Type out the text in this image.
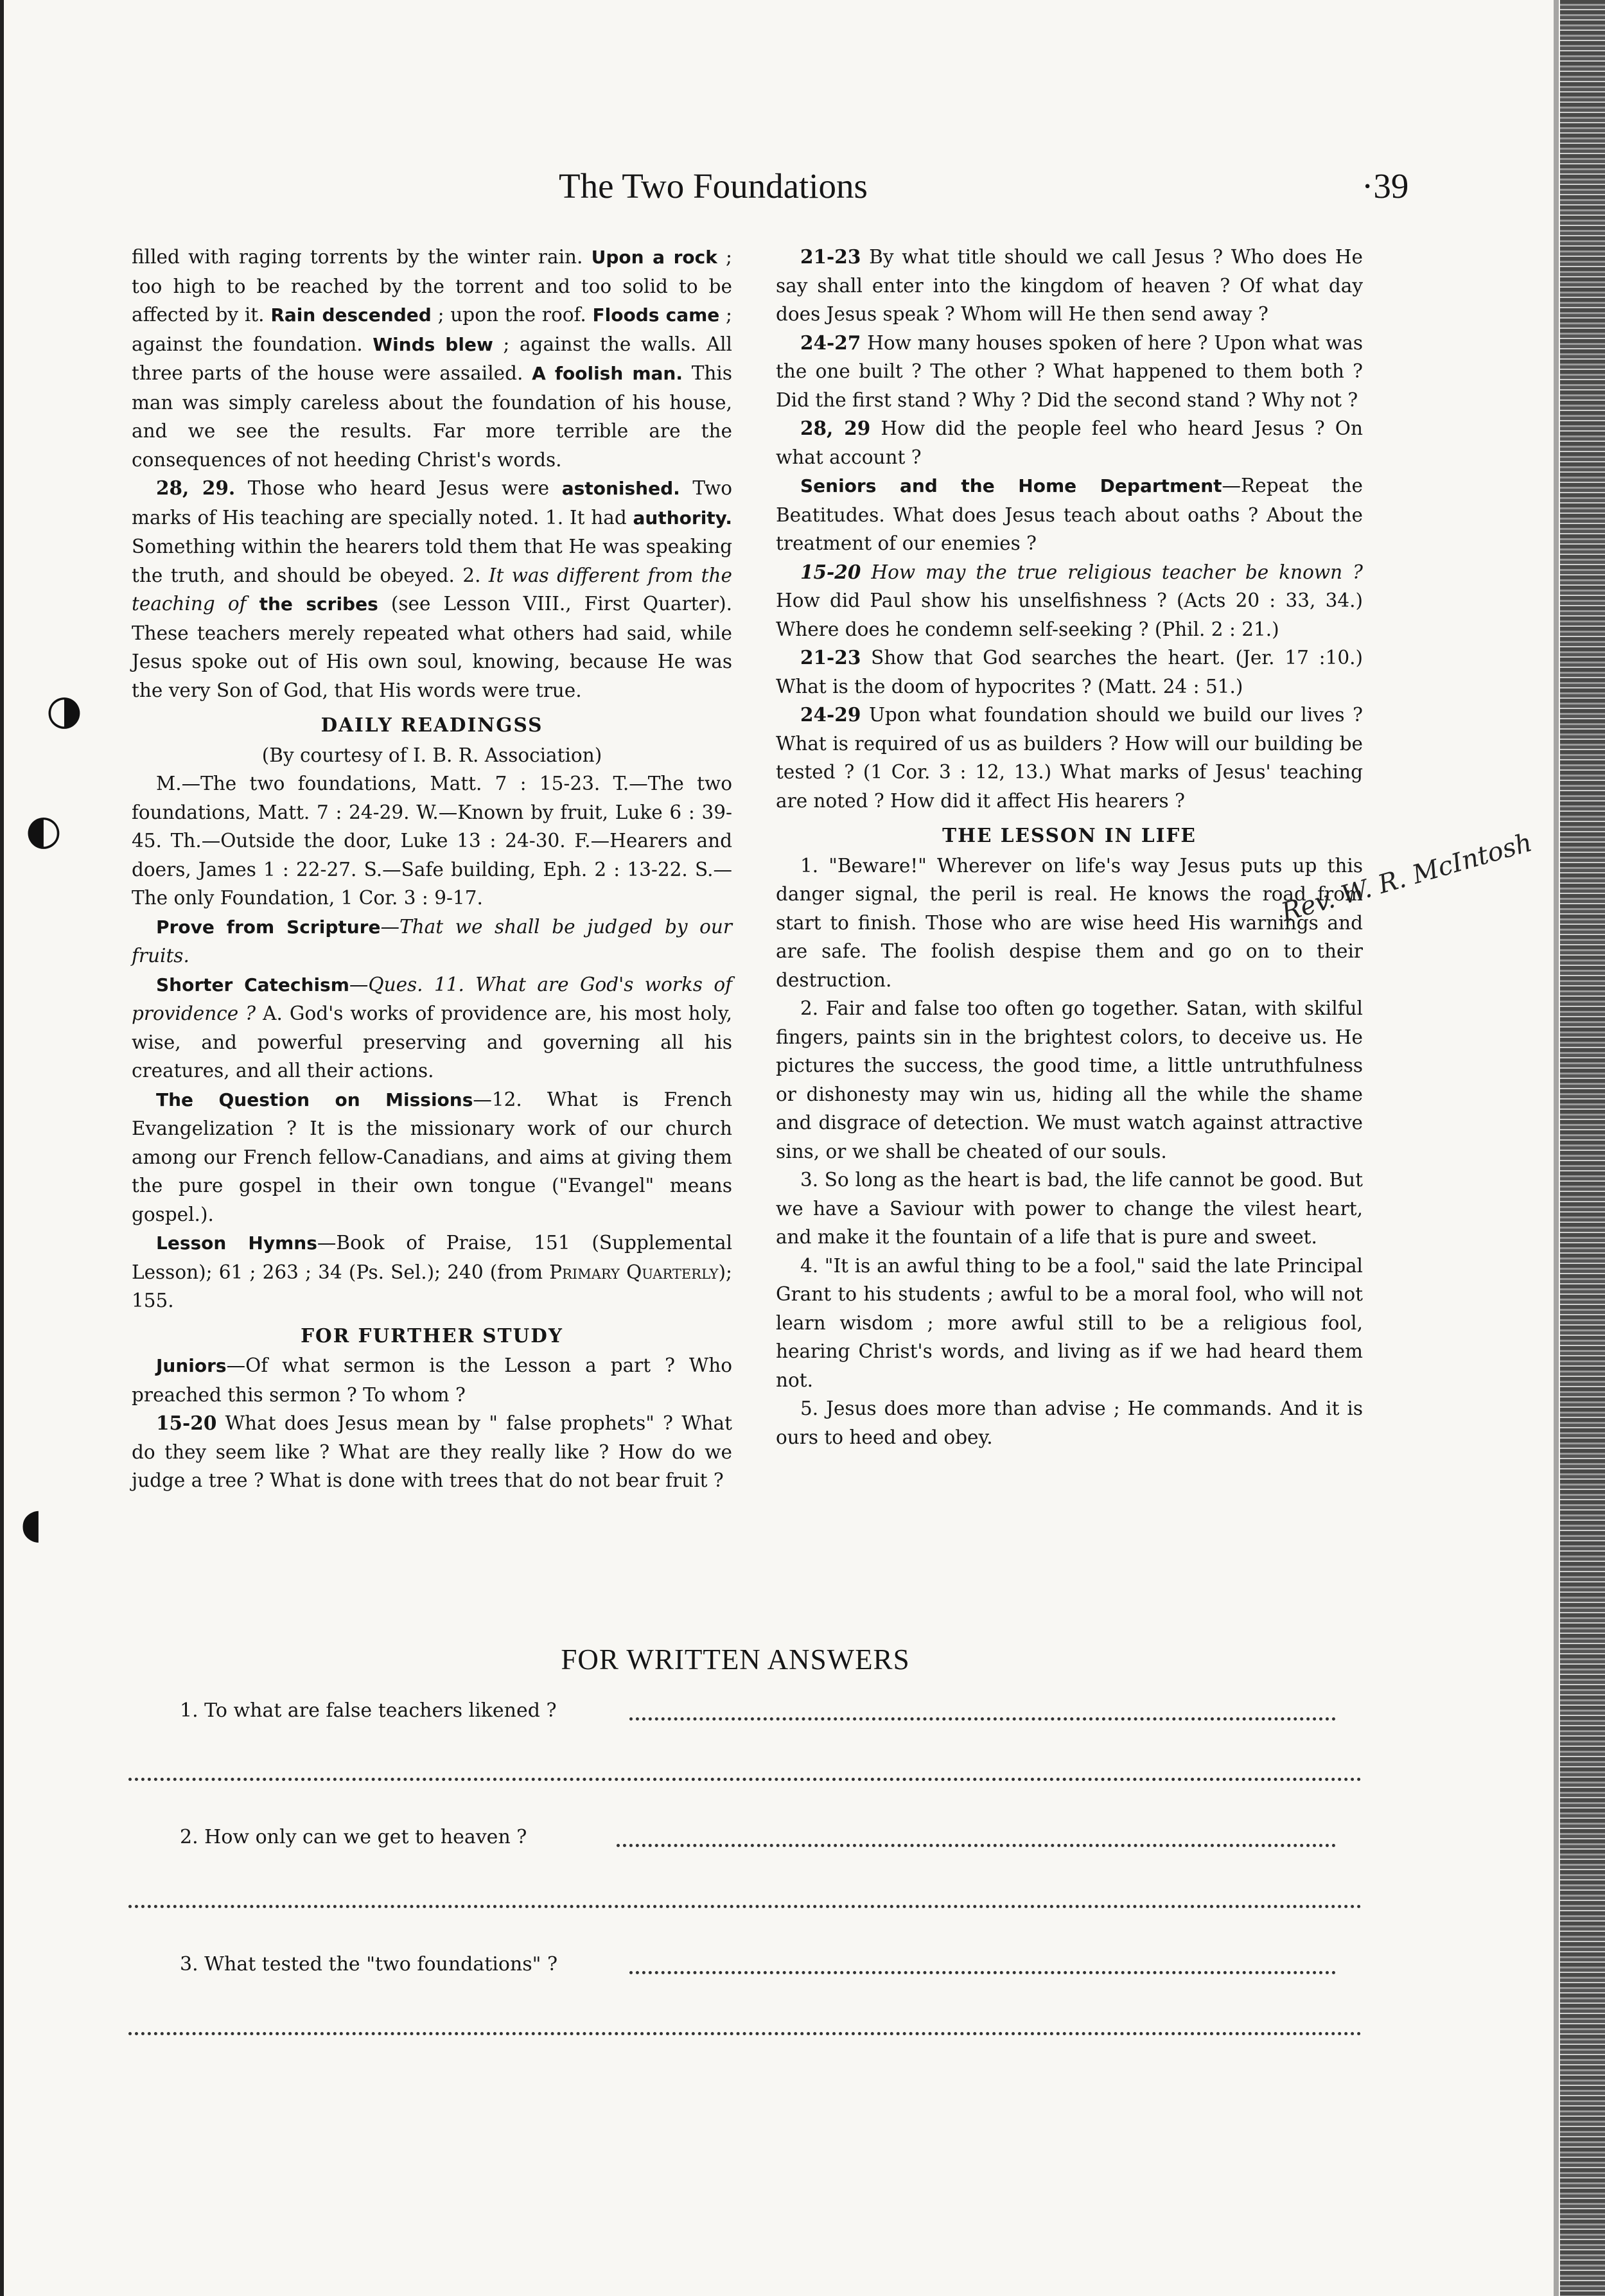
◑
◐
◖
The Two Foundations	·39

filled with raging torrents by the winter rain. Upon a rock ; too high to be reached by the torrent and too solid to be affected by it. Rain descended ; upon the roof. Floods came ; against the foundation. Winds blew ; against the walls. All three parts of the house were assailed. A foolish man. This man was simply careless about the foundation of his house, and we see the results. Far more terrible are the consequences of not heeding Christ's words.

28, 29. Those who heard Jesus were astonished. Two marks of His teaching are specially noted. 1. It had authority. Something within the hearers told them that He was speaking the truth, and should be obeyed. 2. It was different from the teaching of the scribes (see Lesson VIII., First Quarter). These teachers merely repeated what others had said, while Jesus spoke out of His own soul, knowing, because He was the very Son of God, that His words were true.

DAILY READINGSS

(By courtesy of I. B. R. Association)

M.—The two foundations, Matt. 7 : 15-23. T.—The two foundations, Matt. 7 : 24-29. W.—Known by fruit, Luke 6 : 39-45. Th.—Outside the door, Luke 13 : 24-30. F.—Hearers and doers, James 1 : 22-27. S.—Safe building, Eph. 2 : 13-22. S.—The only Foundation, 1 Cor. 3 : 9-17.

Prove from Scripture—That we shall be judged by our fruits.

Shorter Catechism—Ques. 11. What are God's works of providence ? A. God's works of providence are, his most holy, wise, and powerful preserving and governing all his creatures, and all their actions.

The Question on Missions—12. What is French Evangelization ? It is the missionary work of our church among our French fellow-Canadians, and aims at giving them the pure gospel in their own tongue ("Evangel" means gospel.).

Lesson Hymns—Book of Praise, 151 (Supplemental Lesson); 61 ; 263 ; 34 (Ps. Sel.); 240 (from Primary Quarterly); 155.

FOR FURTHER STUDY

Juniors—Of what sermon is the Lesson a part ? Who preached this sermon ? To whom ?

15-20 What does Jesus mean by " false prophets" ? What do they seem like ? What are they really like ? How do we judge a tree ? What is done with trees that do not bear fruit ?

21-23 By what title should we call Jesus ? Who does He say shall enter into the kingdom of heaven ? Of what day does Jesus speak ? Whom will He then send away ?

24-27 How many houses spoken of here ? Upon what was the one built ? The other ? What happened to them both ? Did the first stand ? Why ? Did the second stand ? Why not ?

28, 29 How did the people feel who heard Jesus ? On what account ?

Seniors and the Home Department—Repeat the Beatitudes. What does Jesus teach about oaths ? About the treatment of our enemies ?

15-20 How may the true religious teacher be known ? How did Paul show his unselfishness ? (Acts 20 : 33, 34.) Where does he condemn self-seeking ? (Phil. 2 : 21.)

21-23 Show that God searches the heart. (Jer. 17 :10.) What is the doom of hypocrites ? (Matt. 24 : 51.)

24-29 Upon what foundation should we build our lives ? What is required of us as builders ? How will our building be tested ? (1 Cor. 3 : 12, 13.) What marks of Jesus' teaching are noted ? How did it affect His hearers ?

THE LESSON IN LIFE

1. "Beware!" Wherever on life's way Jesus puts up this danger signal, the peril is real. He knows the road from start to finish. Those who are wise heed His warnings and are safe. The foolish despise them and go on to their destruction.

2. Fair and false too often go together. Satan, with skilful fingers, paints sin in the brightest colors, to deceive us. He pictures the success, the good time, a little untruthfulness or dishonesty may win us, hiding all the while the shame and disgrace of detection. We must watch against attractive sins, or we shall be cheated of our souls.

3. So long as the heart is bad, the life cannot be good. But we have a Saviour with power to change the vilest heart, and make it the fountain of a life that is pure and sweet.

4. "It is an awful thing to be a fool," said the late Principal Grant to his students ; awful to be a moral fool, who will not learn wisdom ; more awful still to be a religious fool, hearing Christ's words, and living as if we had heard them not.

5. Jesus does more than advise ; He commands. And it is ours to heed and obey.

Rev. W. R. McIntosh
FOR WRITTEN ANSWERS
1. To what are false teachers likened ?
2. How only can we get to heaven ?
3. What tested the "two foundations" ?
